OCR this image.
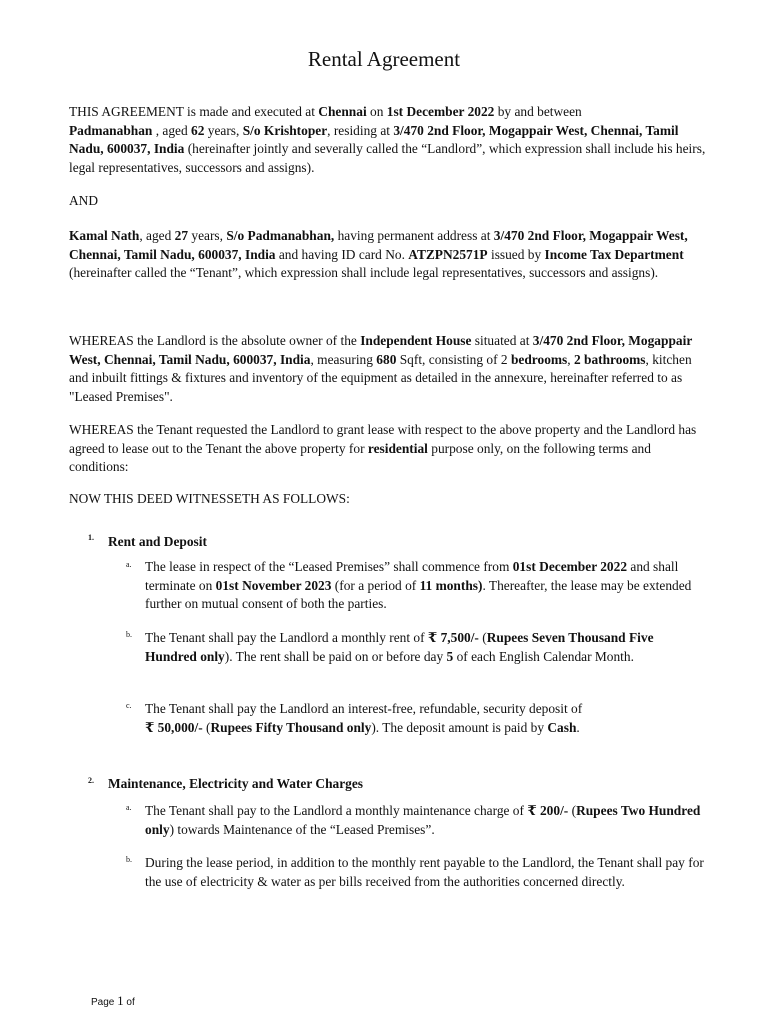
Rental Agreement
THIS AGREEMENT is made and executed at Chennai on 1st December 2022 by and between
Padmanabhan , aged 62 years, S/o Krishtoper, residing at 3/470 2nd Floor, Mogappair West, Chennai, Tamil Nadu, 600037, India (hereinafter jointly and severally called the “Landlord”, which expression shall include his heirs, legal representatives, successors and assigns).
AND
Kamal Nath, aged 27 years, S/o Padmanabhan, having permanent address at 3/470 2nd Floor, Mogappair West, Chennai, Tamil Nadu, 600037, India and having ID card No. ATZPN2571P issued by Income Tax Department (hereinafter called the “Tenant”, which expression shall include legal representatives, successors and assigns).
WHEREAS the Landlord is the absolute owner of the Independent House situated at 3/470 2nd Floor, Mogappair West, Chennai, Tamil Nadu, 600037, India, measuring 680 Sqft, consisting of 2 bedrooms, 2 bathrooms, kitchen and inbuilt fittings & fixtures and inventory of the equipment as detailed in the annexure, hereinafter referred to as "Leased Premises".
WHEREAS the Tenant requested the Landlord to grant lease with respect to the above property and the Landlord has agreed to lease out to the Tenant the above property for residential purpose only, on the following terms and conditions:
NOW THIS DEED WITNESSETH AS FOLLOWS:
1. Rent and Deposit
a. The lease in respect of the “Leased Premises” shall commence from 01st December 2022 and shall terminate on 01st November 2023 (for a period of 11 months). Thereafter, the lease may be extended further on mutual consent of both the parties.
b. The Tenant shall pay the Landlord a monthly rent of ₹ 7,500/- (Rupees Seven Thousand Five Hundred only). The rent shall be paid on or before day 5 of each English Calendar Month.
c. The Tenant shall pay the Landlord an interest-free, refundable, security deposit of
₹ 50,000/- (Rupees Fifty Thousand only). The deposit amount is paid by Cash.
2. Maintenance, Electricity and Water Charges
a. The Tenant shall pay to the Landlord a monthly maintenance charge of ₹ 200/- (Rupees Two Hundred only) towards Maintenance of the “Leased Premises”.
b. During the lease period, in addition to the monthly rent payable to the Landlord, the Tenant shall pay for the use of electricity & water as per bills received from the authorities concerned directly.
Page 1 of
